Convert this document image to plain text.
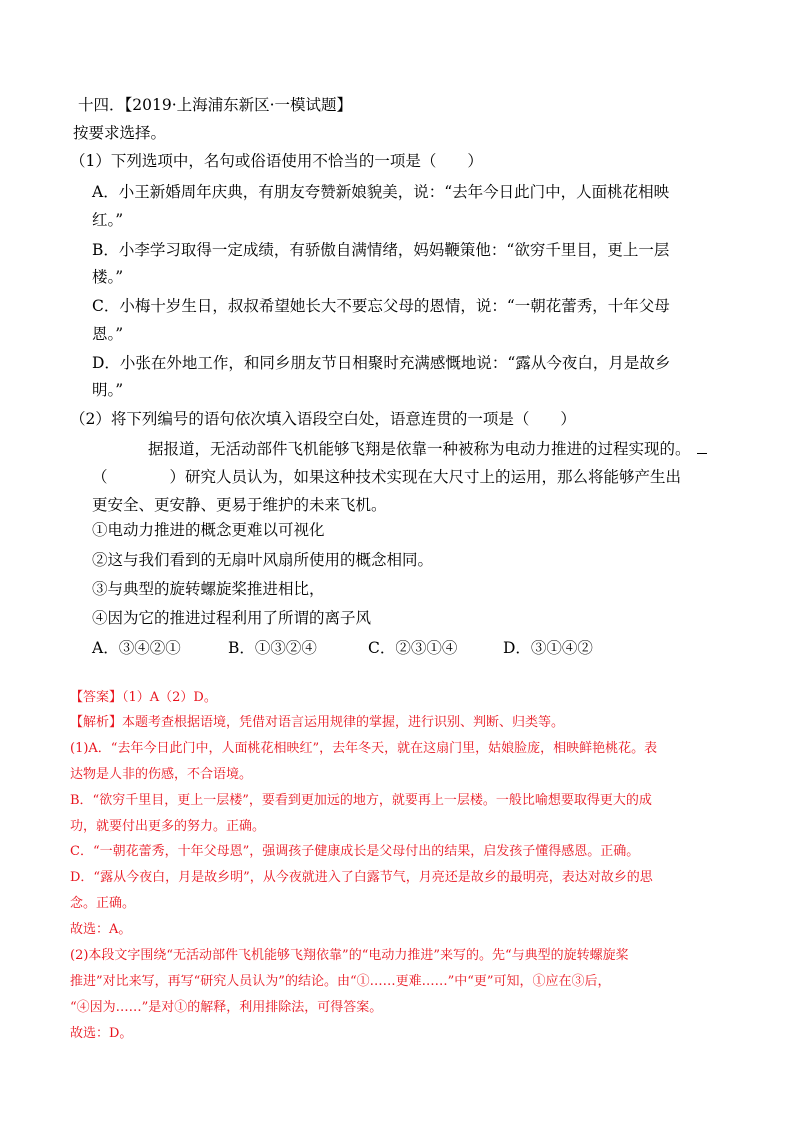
十四．【2019·上海浦东新区·一模试题】
按要求选择。
（1）下列选项中，名句或俗语使用不恰当的一项是（　　）
A．小王新婚周年庆典，有朋友夸赞新娘貌美，说：“去年今日此门中，人面桃花相映
红。”
B．小李学习取得一定成绩，有骄傲自满情绪，妈妈鞭策他：“欲穷千里目，更上一层
楼。”
C．小梅十岁生日，叔叔希望她长大不要忘父母的恩情，说：“一朝花蕾秀，十年父母
恩。”
D．小张在外地工作，和同乡朋友节日相聚时充满感慨地说：“露从今夜白，月是故乡
明。”
（2）将下列编号的语句依次填入语段空白处，语意连贯的一项是（　　）
据报道，无活动部件飞机能够飞翔是依靠一种被称为电动力推进的过程实现的。
（　　　　）研究人员认为，如果这种技术实现在大尺寸上的运用，那么将能够产生出
更安全、更安静、更易于维护的未来飞机。
①电动力推进的概念更难以可视化
②这与我们看到的无扇叶风扇所使用的概念相同。
③与典型的旋转螺旋桨推进相比，
④因为它的推进过程利用了所谓的离子风
A．③④②①	B．①③②④	C．②③①④	D．③①④②
【答案】（1）A（2）D。
【解析】本题考查根据语境，凭借对语言运用规律的掌握，进行识别、判断、归类等。
(1)A．“去年今日此门中，人面桃花相映红”，去年冬天，就在这扇门里，姑娘脸庞，相映鲜艳桃花。表
达物是人非的伤感，不合语境。
B．“欲穷千里目，更上一层楼”，要看到更加远的地方，就要再上一层楼。一般比喻想要取得更大的成
功，就要付出更多的努力。正确。
C．“一朝花蕾秀，十年父母恩”，强调孩子健康成长是父母付出的结果，启发孩子懂得感恩。正确。
D．“露从今夜白，月是故乡明”，从今夜就进入了白露节气，月亮还是故乡的最明亮，表达对故乡的思
念。正确。
故选：A。
(2)本段文字围绕“无活动部件飞机能够飞翔依靠”的“电动力推进”来写的。先“与典型的旋转螺旋桨
推进”对比来写，再写“研究人员认为”的结论。由“①……更难……”中“更”可知，①应在③后，
“④因为……”是对①的解释，利用排除法，可得答案。
故选：D。
